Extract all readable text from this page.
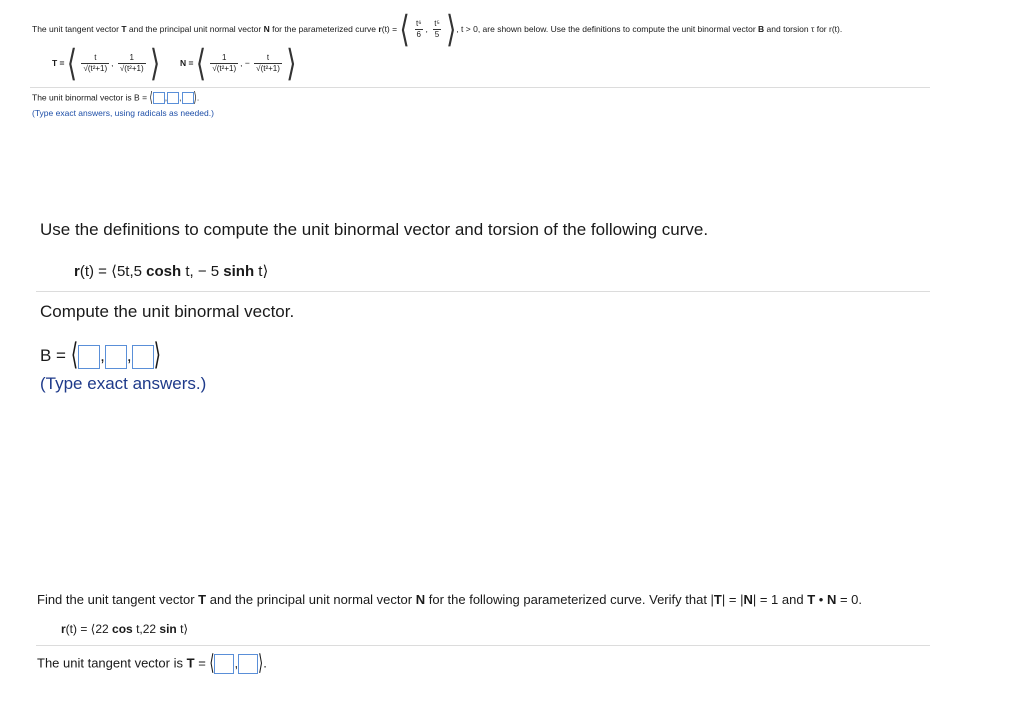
The unit tangent vector T and the principal unit normal vector N for the parameterized curve r(t) = ⟨ $\frac{\text{t⁶}}{6}$ , $\frac{\text{t⁵}}{5}$ ⟩, t > 0, are shown below. Use the definitions to compute the unit binormal vector B and torsion τ for r(t).
T = ⟨ $\frac{t}{\text{√(t²+1)}}$ , $\frac{1}{\text{√(t²+1)}}$ ⟩ N = ⟨ $\frac{1}{\text{√(t²+1)}}$ , − $\frac{t}{\text{√(t²+1)}}$ ⟩
The unit binormal vector is B = ⟨ , , ⟩.
(Type exact answers, using radicals as needed.)
Use the definitions to compute the unit binormal vector and torsion of the following curve.
r(t) = ⟨5t,5 cosh t, − 5 sinh t⟩
Compute the unit binormal vector.
B = ⟨ , , ⟩
(Type exact answers.)
Find the unit tangent vector T and the principal unit normal vector N for the following parameterized curve. Verify that |T| = |N| = 1 and T • N = 0.
r(t) = ⟨22 cos t,22 sin t⟩
The unit tangent vector is T = ⟨ , ⟩.
